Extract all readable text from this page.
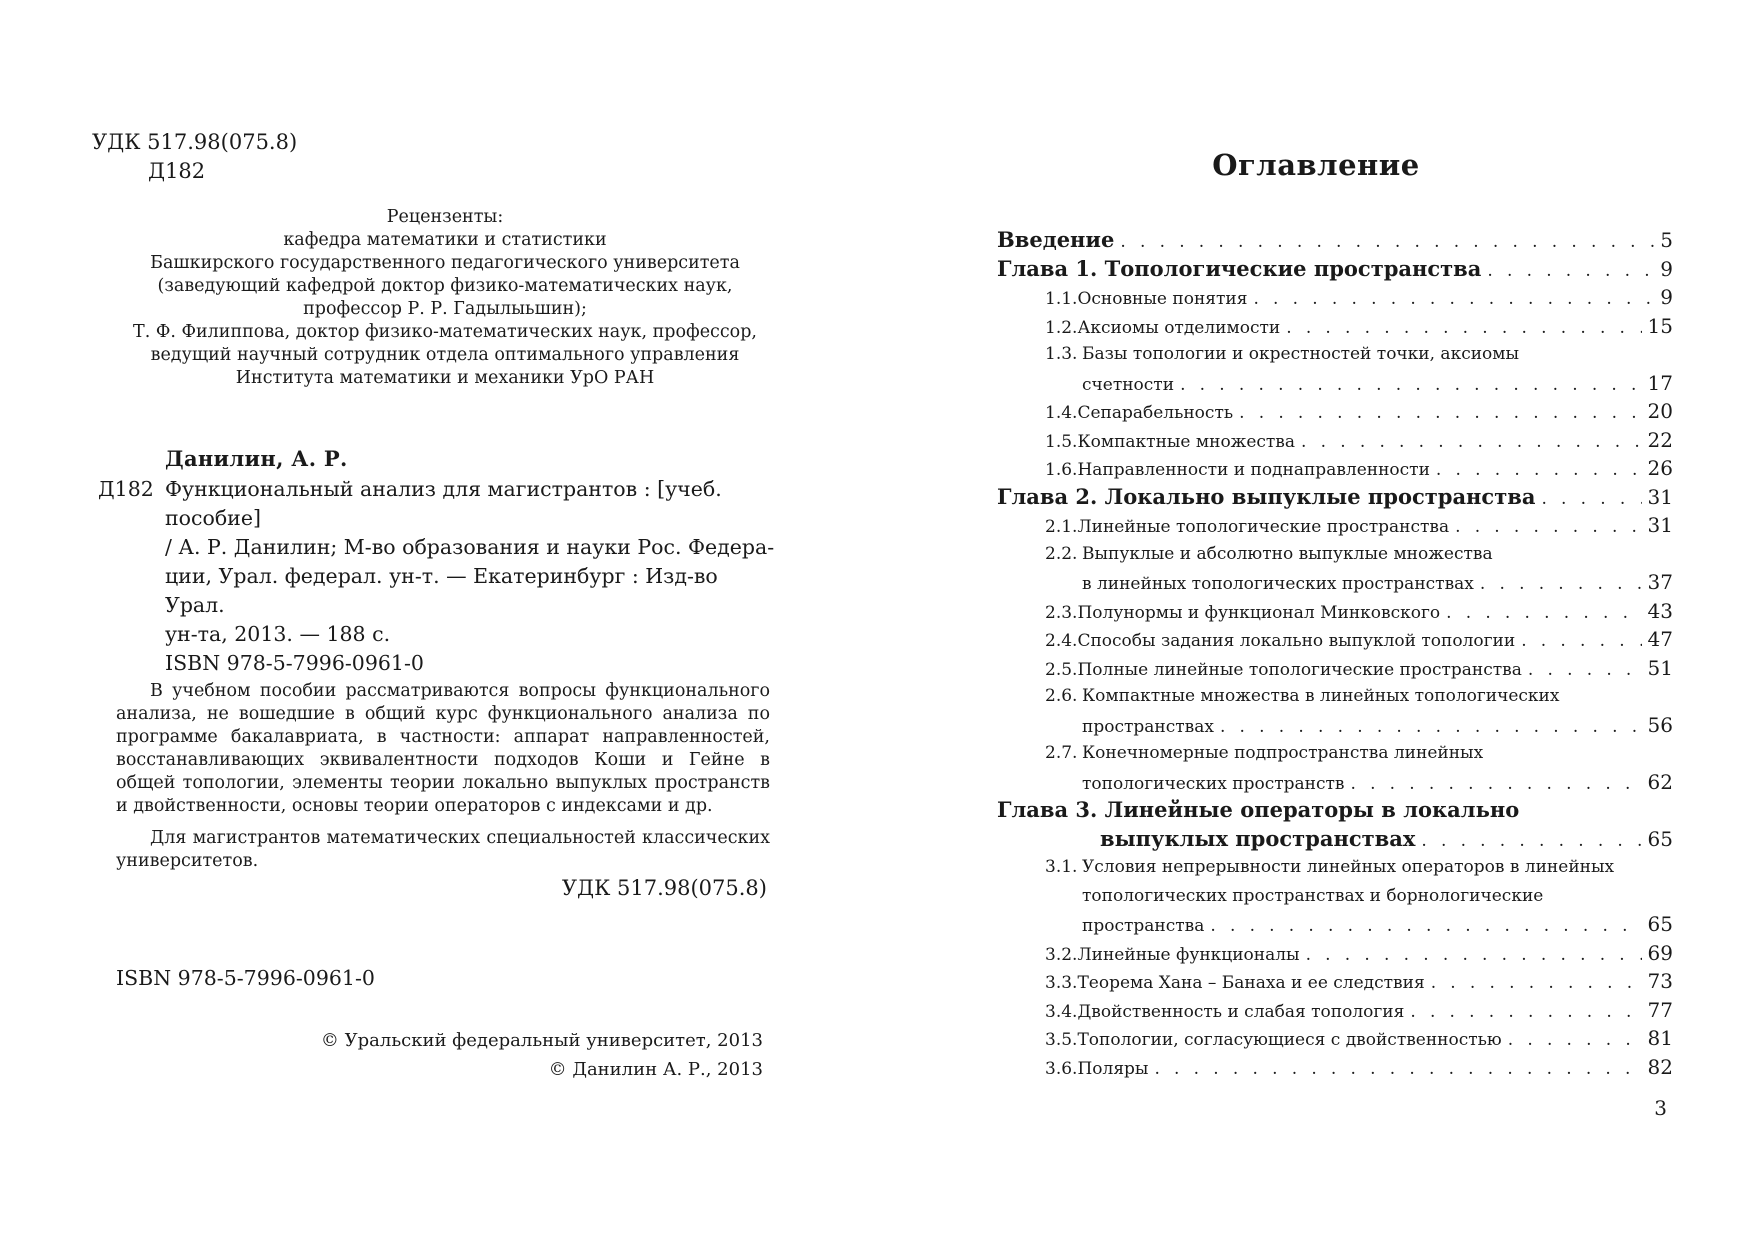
УДК 517.98(075.8)
Д182
Рецензенты:
кафедра математики и статистики
Башкирского государственного педагогического университета
(заведующий кафедрой доктор физико-математических наук,
профессор Р. Р. Гадылыьшин);
Т. Ф. Филиппова, доктор физико-математических наук, профессор,
ведущий научный сотрудник отдела оптимального управления
Института математики и механики УрО РАН
Данилин, А. Р.
Д182 Функциональный анализ для магистрантов : [учеб. пособие]
/ А. Р. Данилин; М-во образования и науки Рос. Федера-
ции, Урал. федерал. ун-т. — Екатеринбург : Изд-во Урал.
ун-та, 2013. — 188 с.
ISBN 978-5-7996-0961-0

В учебном пособии рассматриваются вопросы функционального анализа, не вошедшие в общий курс функционального анализа по программе бакалавриата, в частности: аппарат направленностей, восстанавливающих эквивалентности подходов Коши и Гейне в общей топологии, элементы теории локально выпуклых пространств и двойственности, основы теории операторов с индексами и др.

Для магистрантов математических специальностей классических университетов.

УДК 517.98(075.8)
ISBN 978-5-7996-0961-0
© Уральский федеральный университет, 2013
© Данилин А. Р., 2013
Оглавление
Введение . . .	5
Глава 1. Топологические пространства . . .	9
1.1. Основные понятия . . .	9
1.2. Аксиомы отделимости . . .	15
1.3. Базы топологии и окрестностей точки, аксиомы
счетности . . .	17
1.4. Сепарабельность . . .	20
1.5. Компактные множества . . .	22
1.6. Направленности и поднаправленности . . .	26
Глава 2. Локально выпуклые пространства . . .	31
2.1. Линейные топологические пространства . . .	31
2.2. Выпуклые и абсолютно выпуклые множества
в линейных топологических пространствах . . .	37
2.3. Полунормы и функционал Минковского . . .	43
2.4. Способы задания локально выпуклой топологии . . .	47
2.5. Полные линейные топологические пространства . . .	51
2.6. Компактные множества в линейных топологических
пространствах . . .	56
2.7. Конечномерные подпространства линейных
топологических пространств . . .	62
Глава 3. Линейные операторы в локально
выпуклых пространствах . . .	65
3.1. Условия непрерывности линейных операторов в линейных
топологических пространствах и борнологические
пространства . . .	65
3.2. Линейные функционалы . . .	69
3.3. Теорема Хана – Банаха и ее следствия . . .	73
3.4. Двойственность и слабая топология . . .	77
3.5. Топологии, согласующиеся с двойственностью . . .	81
3.6. Поляры . . .	82
3
